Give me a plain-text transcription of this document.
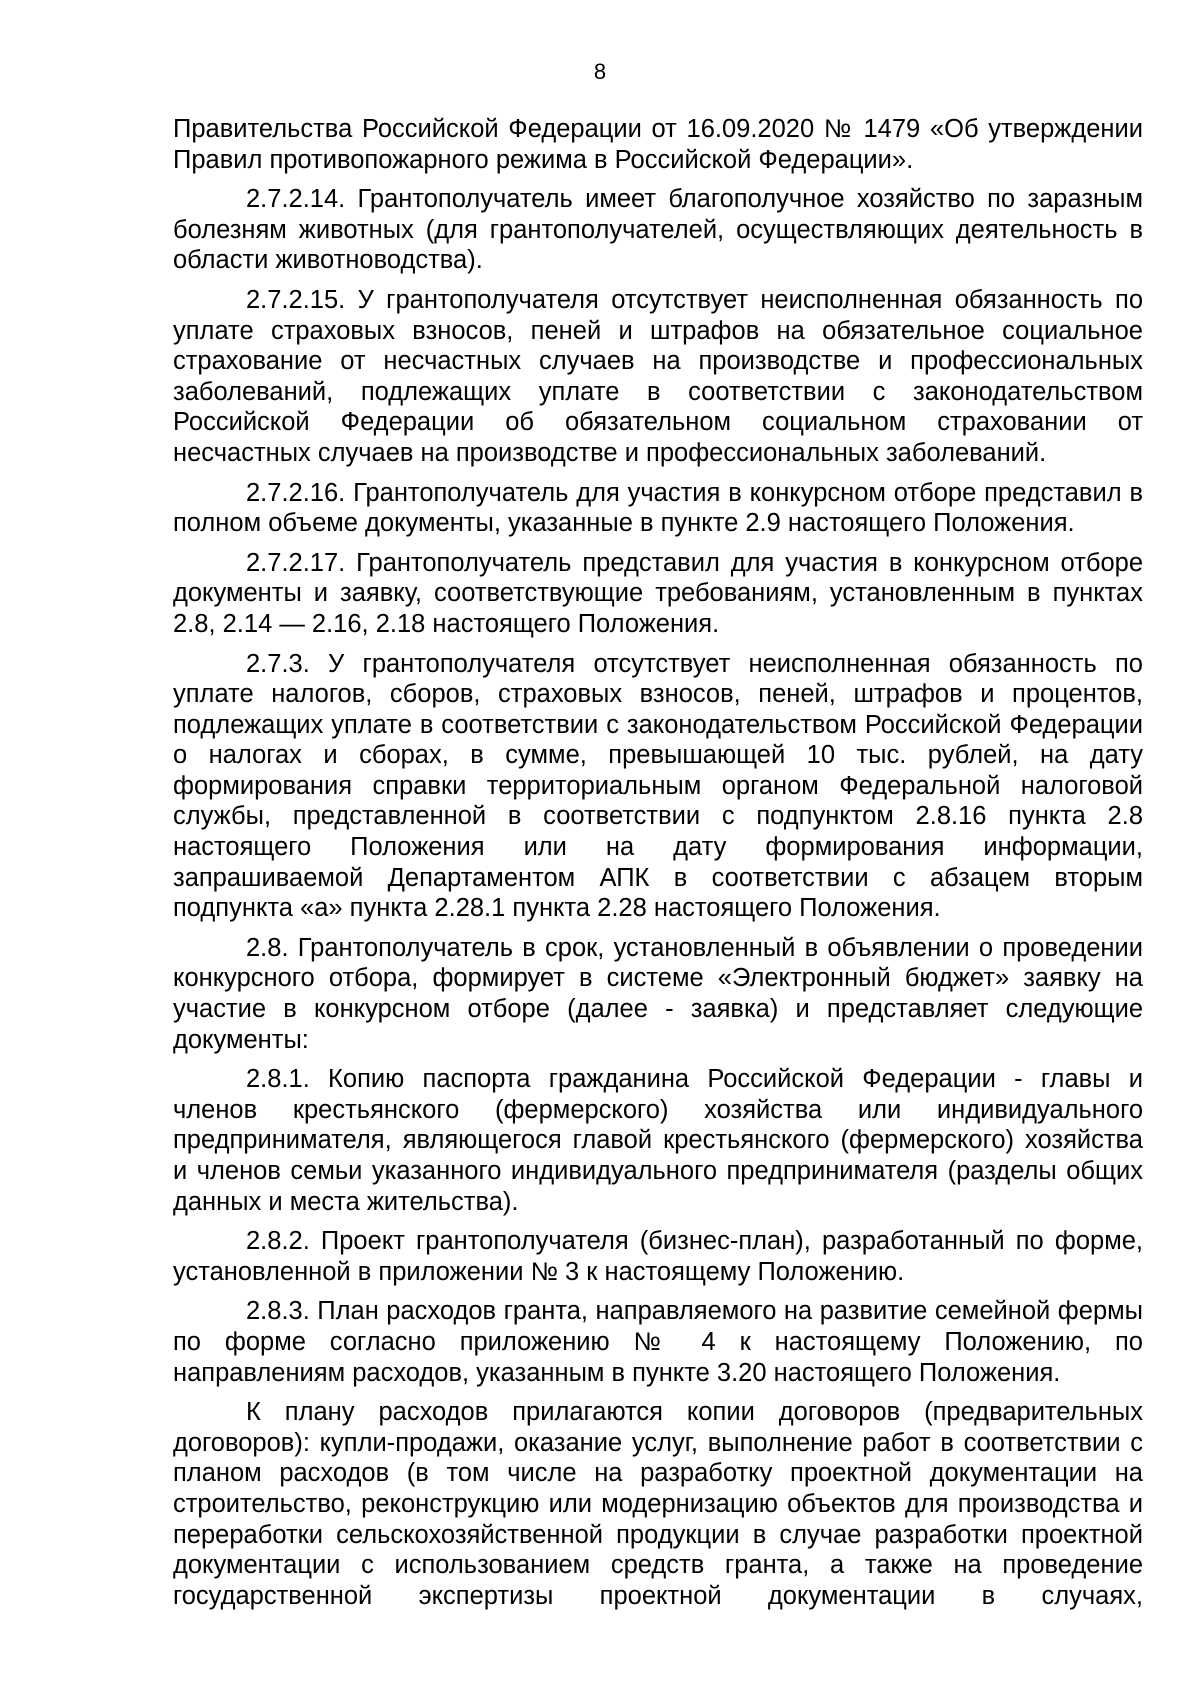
8

Правительства Российской Федерации от 16.09.2020 № 1479 «Об утверждении Правил противопожарного режима в Российской Федерации».

2.7.2.14. Грантополучатель имеет благополучное хозяйство по заразным болезням животных (для грантополучателей, осуществляющих деятельность в области животноводства).

2.7.2.15. У грантополучателя отсутствует неисполненная обязанность по уплате страховых взносов, пеней и штрафов на обязательное социальное страхование от несчастных случаев на производстве и профессиональных заболеваний, подлежащих уплате в соответствии с законодательством Российской Федерации об обязательном социальном страховании от несчастных случаев на производстве и профессиональных заболеваний.

2.7.2.16. Грантополучатель для участия в конкурсном отборе представил в полном объеме документы, указанные в пункте 2.9 настоящего Положения.

2.7.2.17. Грантополучатель представил для участия в конкурсном отборе документы и заявку, соответствующие требованиям, установленным в пунктах 2.8, 2.14 — 2.16, 2.18 настоящего Положения.

2.7.3. У грантополучателя отсутствует неисполненная обязанность по уплате налогов, сборов, страховых взносов, пеней, штрафов и процентов, подлежащих уплате в соответствии с законодательством Российской Федерации о налогах и сборах, в сумме, превышающей 10 тыс. рублей, на дату формирования справки территориальным органом Федеральной налоговой службы, представленной в соответствии с подпунктом 2.8.16 пункта 2.8 настоящего Положения или на дату формирования информации, запрашиваемой Департаментом АПК в соответствии с абзацем вторым подпункта «а» пункта 2.28.1 пункта 2.28 настоящего Положения.

2.8. Грантополучатель в срок, установленный в объявлении о проведении конкурсного отбора, формирует в системе «Электронный бюджет» заявку на участие в конкурсном отборе (далее - заявка) и представляет следующие документы:

2.8.1. Копию паспорта гражданина Российской Федерации - главы и членов крестьянского (фермерского) хозяйства или индивидуального предпринимателя, являющегося главой крестьянского (фермерского) хозяйства и членов семьи указанного индивидуального предпринимателя (разделы общих данных и места жительства).

2.8.2. Проект грантополучателя (бизнес-план), разработанный по форме, установленной в приложении № 3 к настоящему Положению.

2.8.3. План расходов гранта, направляемого на развитие семейной фермы по форме согласно приложению № 4 к настоящему Положению, по направлениям расходов, указанным в пункте 3.20 настоящего Положения.

К плану расходов прилагаются копии договоров (предварительных договоров): купли-продажи, оказание услуг, выполнение работ в соответствии с планом расходов (в том числе на разработку проектной документации на строительство, реконструкцию или модернизацию объектов для производства и переработки сельскохозяйственной продукции в случае разработки проектной документации с использованием средств гранта, а также на проведение государственной экспертизы проектной документации в случаях,
